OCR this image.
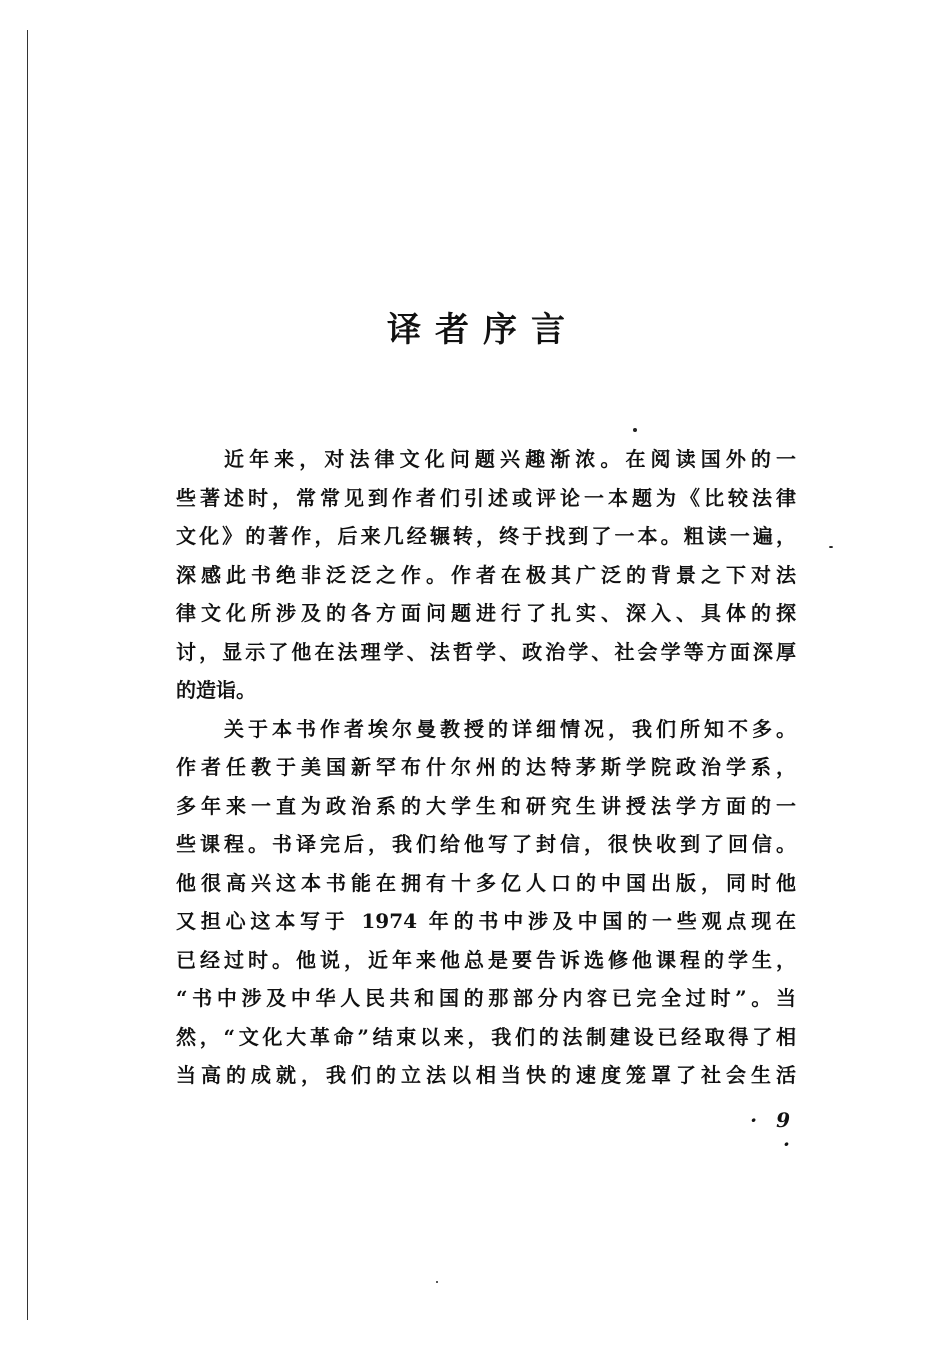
译者序言
近年来，对法律文化问题兴趣渐浓。在阅读国外的一
些著述时，常常见到作者们引述或评论一本题为《比较法律
文化》的著作，后来几经辗转，终于找到了一本。粗读一遍，
深感此书绝非泛泛之作。作者在极其广泛的背景之下对法
律文化所涉及的各方面问题进行了扎实、深入、具体的探
讨，显示了他在法理学、法哲学、政治学、社会学等方面深厚
的造诣。
关于本书作者埃尔曼教授的详细情况，我们所知不多。
作者任教于美国新罕布什尔州的达特茅斯学院政治学系，
多年来一直为政治系的大学生和研究生讲授法学方面的一
些课程。书译完后，我们给他写了封信，很快收到了回信。
他很高兴这本书能在拥有十多亿人口的中国出版，同时他
又担心这本写于 1974 年的书中涉及中国的一些观点现在
已经过时。他说，近年来他总是要告诉选修他课程的学生，
“书中涉及中华人民共和国的那部分内容已完全过时”。当
然，“文化大革命”结束以来，我们的法制建设已经取得了相
当高的成就，我们的立法以相当快的速度笼罩了社会生活
· 9 ·
